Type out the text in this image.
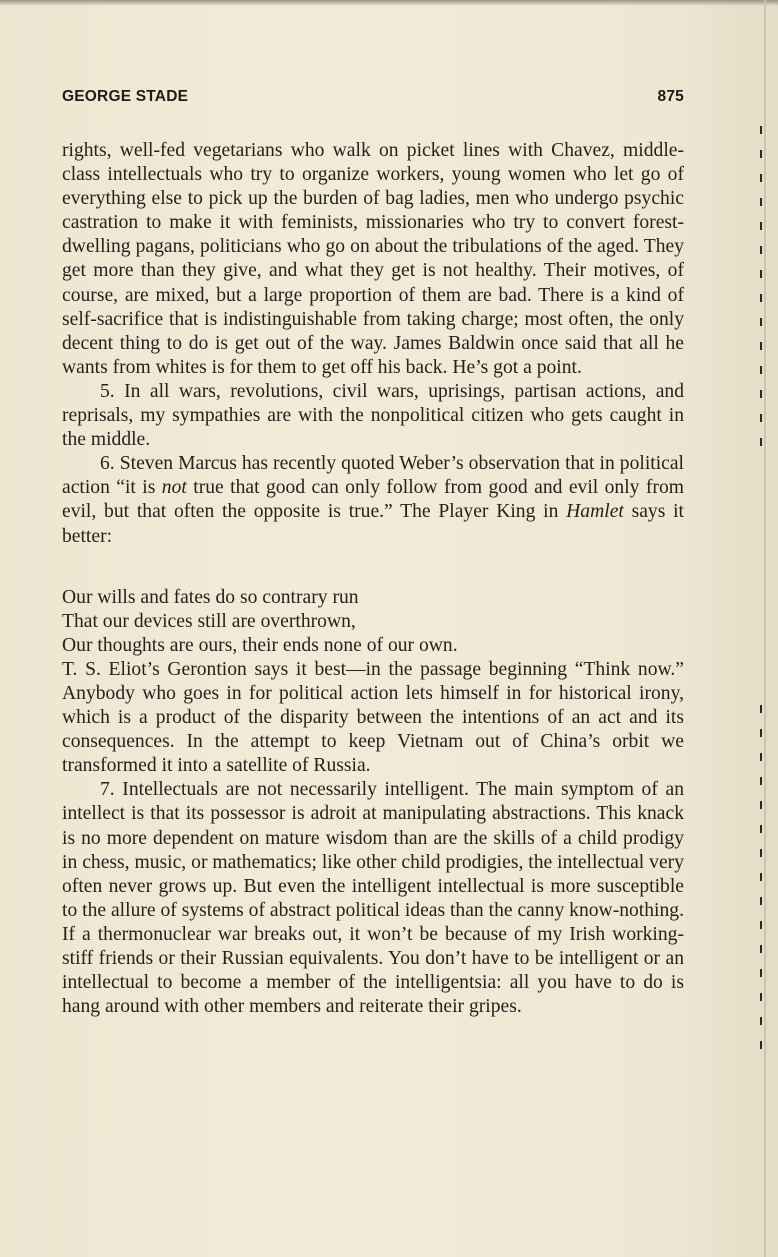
GEORGE STADE	875

rights, well-fed vegetarians who walk on picket lines with Chavez, middle-class intellectuals who try to organize workers, young women who let go of everything else to pick up the burden of bag ladies, men who undergo psychic castration to make it with feminists, missionaries who try to convert forest-dwelling pagans, politicians who go on about the tribulations of the aged. They get more than they give, and what they get is not healthy. Their motives, of course, are mixed, but a large proportion of them are bad. There is a kind of self-sacrifice that is indistinguishable from taking charge; most often, the only decent thing to do is get out of the way. James Baldwin once said that all he wants from whites is for them to get off his back. He’s got a point.

5. In all wars, revolutions, civil wars, uprisings, partisan actions, and reprisals, my sympathies are with the nonpolitical citizen who gets caught in the middle.

6. Steven Marcus has recently quoted Weber’s observation that in political action “it is not true that good can only follow from good and evil only from evil, but that often the opposite is true.” The Player King in Hamlet says it better:

Our wills and fates do so contrary run
That our devices still are overthrown,
Our thoughts are ours, their ends none of our own.

T. S. Eliot’s Gerontion says it best—in the passage beginning “Think now.” Anybody who goes in for political action lets himself in for historical irony, which is a product of the disparity between the intentions of an act and its consequences. In the attempt to keep Vietnam out of China’s orbit we transformed it into a satellite of Russia.

7. Intellectuals are not necessarily intelligent. The main symptom of an intellect is that its possessor is adroit at manipulating abstractions. This knack is no more dependent on mature wisdom than are the skills of a child prodigy in chess, music, or mathematics; like other child prodigies, the intellectual very often never grows up. But even the intelligent intellectual is more susceptible to the allure of systems of abstract political ideas than the canny know-nothing. If a thermonuclear war breaks out, it won’t be because of my Irish working-stiff friends or their Russian equivalents. You don’t have to be intelligent or an intellectual to become a member of the intelligentsia: all you have to do is hang around with other members and reiterate their gripes.
